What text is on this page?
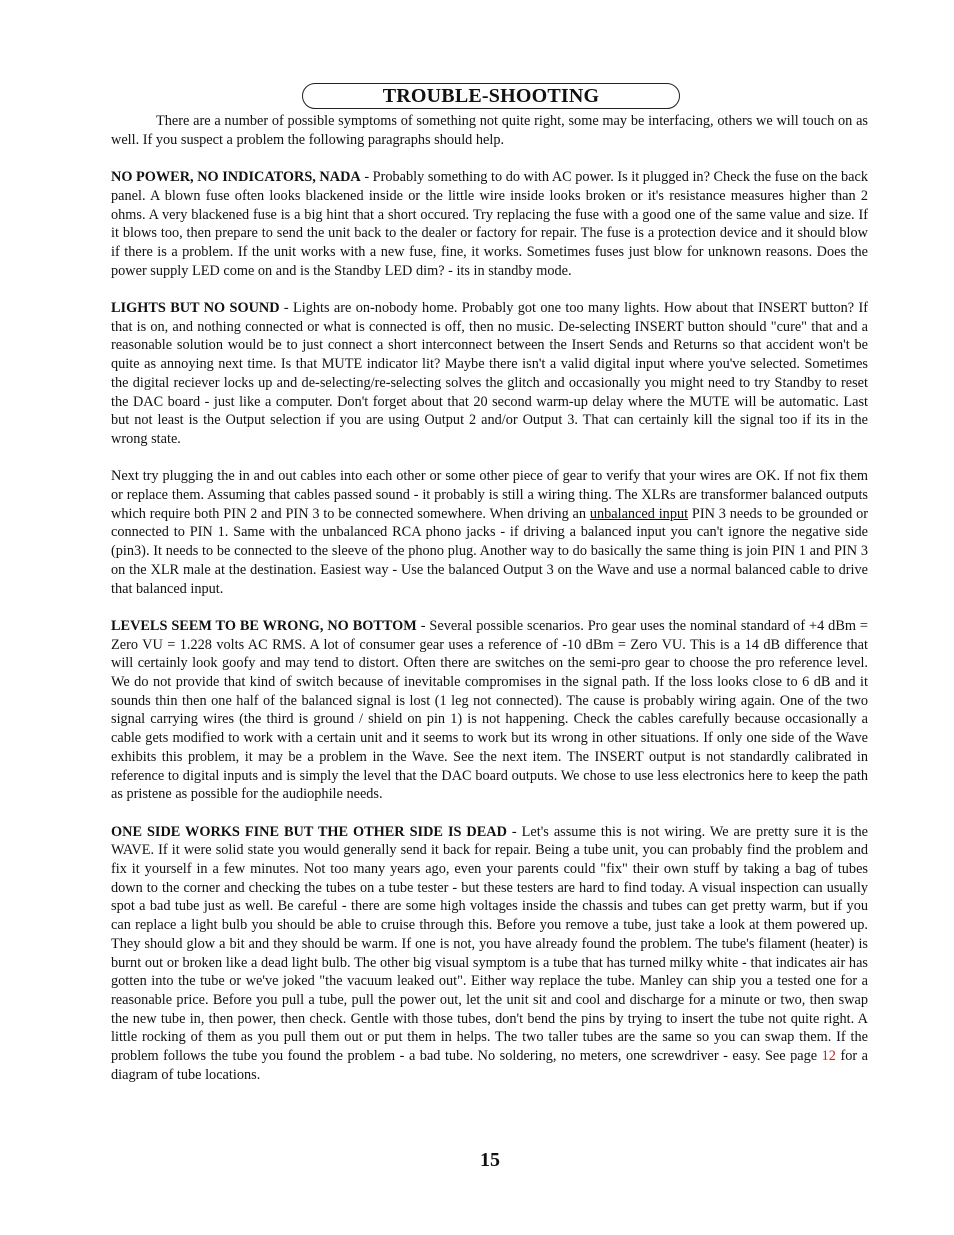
TROUBLE-SHOOTING

There are a number of possible symptoms of something not quite right, some may be interfacing, others we will touch on as well. If you suspect a problem the following paragraphs should help.

NO POWER, NO INDICATORS, NADA - Probably something to do with AC power. Is it plugged in? Check the fuse on the back panel. A blown fuse often looks blackened inside or the little wire inside looks broken or it's resistance measures higher than 2 ohms. A very blackened fuse is a big hint that a short occured. Try replacing the fuse with a good one of the same value and size. If it blows too, then prepare to send the unit back to the dealer or factory for repair. The fuse is a protection device and it should blow if there is a problem. If the unit works with a new fuse, fine, it works. Sometimes fuses just blow for unknown reasons. Does the power supply LED come on and is the Standby LED dim? - its in standby mode.

LIGHTS BUT NO SOUND - Lights are on-nobody home. Probably got one too many lights. How about that INSERT button? If that is on, and nothing connected or what is connected is off, then no music. De-selecting INSERT button should "cure" that and a reasonable solution would be to just connect a short interconnect between the Insert Sends and Returns so that accident won't be quite as annoying next time. Is that MUTE indicator lit? Maybe there isn't a valid digital input where you've selected. Sometimes the digital reciever locks up and de-selecting/re-selecting solves the glitch and occasionally you might need to try Standby to reset the DAC board - just like a computer. Don't forget about that 20 second warm-up delay where the MUTE will be automatic. Last but not least is the Output selection if you are using Output 2 and/or Output 3. That can certainly kill the signal too if its in the wrong state.

Next try plugging the in and out cables into each other or some other piece of gear to verify that your wires are OK. If not fix them or replace them. Assuming that cables passed sound - it probably is still a wiring thing. The XLRs are transformer balanced outputs which require both PIN 2 and PIN 3 to be connected somewhere. When driving an unbalanced input PIN 3 needs to be grounded or connected to PIN 1. Same with the unbalanced RCA phono jacks - if driving a balanced input you can't ignore the negative side (pin3). It needs to be connected to the sleeve of the phono plug. Another way to do basically the same thing is join PIN 1 and PIN 3 on the XLR male at the destination. Easiest way - Use the balanced Output 3 on the Wave and use a normal balanced cable to drive that balanced input.

LEVELS SEEM TO BE WRONG, NO BOTTOM - Several possible scenarios. Pro gear uses the nominal standard of +4 dBm = Zero VU = 1.228 volts AC RMS. A lot of consumer gear uses a reference of -10 dBm = Zero VU. This is a 14 dB difference that will certainly look goofy and may tend to distort. Often there are switches on the semi-pro gear to choose the pro reference level. We do not provide that kind of switch because of inevitable compromises in the signal path. If the loss looks close to 6 dB and it sounds thin then one half of the balanced signal is lost (1 leg not connected). The cause is probably wiring again. One of the two signal carrying wires (the third is ground / shield on pin 1) is not happening. Check the cables carefully because occasionally a cable gets modified to work with a certain unit and it seems to work but its wrong in other situations. If only one side of the Wave exhibits this problem, it may be a problem in the Wave. See the next item. The INSERT output is not standardly calibrated in reference to digital inputs and is simply the level that the DAC board outputs. We chose to use less electronics here to keep the path as pristene as possible for the audiophile needs.

ONE SIDE WORKS FINE BUT THE OTHER SIDE IS DEAD - Let's assume this is not wiring. We are pretty sure it is the WAVE. If it were solid state you would generally send it back for repair. Being a tube unit, you can probably find the problem and fix it yourself in a few minutes. Not too many years ago, even your parents could "fix" their own stuff by taking a bag of tubes down to the corner and checking the tubes on a tube tester - but these testers are hard to find today. A visual inspection can usually spot a bad tube just as well. Be careful - there are some high voltages inside the chassis and tubes can get pretty warm, but if you can replace a light bulb you should be able to cruise through this. Before you remove a tube, just take a look at them powered up. They should glow a bit and they should be warm. If one is not, you have already found the problem. The tube's filament (heater) is burnt out or broken like a dead light bulb. The other big visual symptom is a tube that has turned milky white - that indicates air has gotten into the tube or we've joked "the vacuum leaked out". Either way replace the tube. Manley can ship you a tested one for a reasonable price. Before you pull a tube, pull the power out, let the unit sit and cool and discharge for a minute or two, then swap the new tube in, then power, then check. Gentle with those tubes, don't bend the pins by trying to insert the tube not quite right. A little rocking of them as you pull them out or put them in helps. The two taller tubes are the same so you can swap them. If the problem follows the tube you found the problem - a bad tube. No soldering, no meters, one screwdriver - easy. See page 12 for a diagram of tube locations.

15
